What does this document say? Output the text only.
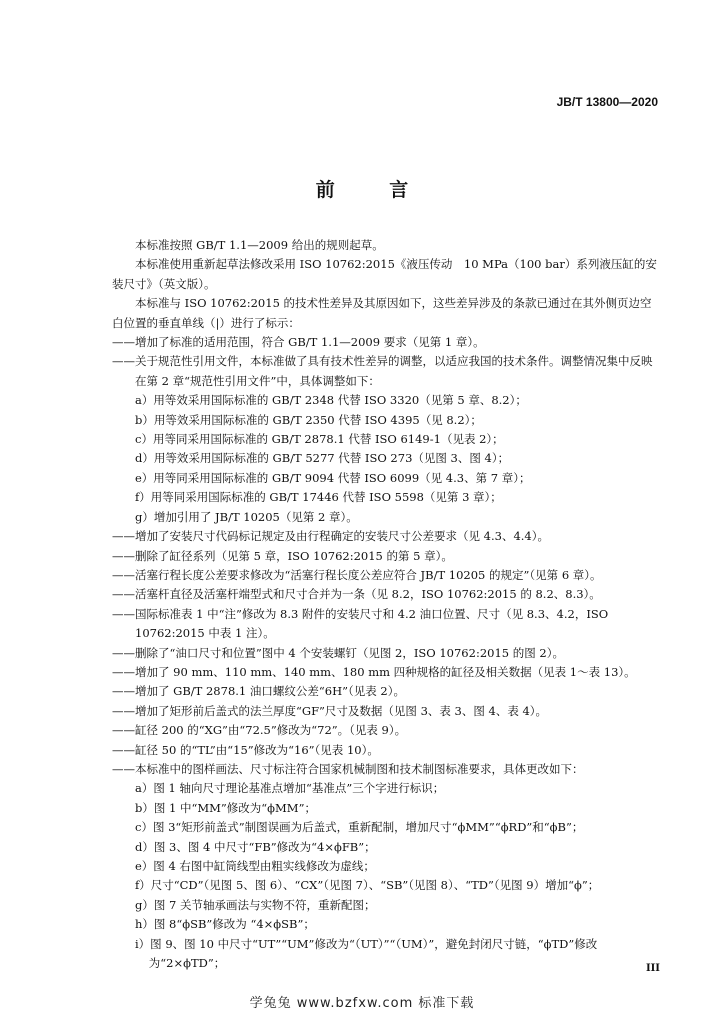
JB/T 13800—2020
前 言

本标准按照 GB/T 1.1—2009 给出的规则起草。

本标准使用重新起草法修改采用 ISO 10762:2015《液压传动　10 MPa（100 bar）系列液压缸的安装尺寸》（英文版）。

本标准与 ISO 10762:2015 的技术性差异及其原因如下，这些差异涉及的条款已通过在其外侧页边空白位置的垂直单线（|）进行了标示：

——增加了标准的适用范围，符合 GB/T 1.1—2009 要求（见第 1 章）。

——关于规范性引用文件，本标准做了具有技术性差异的调整，以适应我国的技术条件。调整情况集中反映在第 2 章“规范性引用文件”中，具体调整如下：

a）用等效采用国际标准的 GB/T 2348 代替 ISO 3320（见第 5 章、8.2）；

b）用等效采用国际标准的 GB/T 2350 代替 ISO 4395（见 8.2）；

c）用等同采用国际标准的 GB/T 2878.1 代替 ISO 6149-1（见表 2）；

d）用等效采用国际标准的 GB/T 5277 代替 ISO 273（见图 3、图 4）；

e）用等同采用国际标准的 GB/T 9094 代替 ISO 6099（见 4.3、第 7 章）；

f）用等同采用国际标准的 GB/T 17446 代替 ISO 5598（见第 3 章）；

g）增加引用了 JB/T 10205（见第 2 章）。

——增加了安装尺寸代码标记规定及由行程确定的安装尺寸公差要求（见 4.3、4.4）。

——删除了缸径系列（见第 5 章，ISO 10762:2015 的第 5 章）。

——活塞行程长度公差要求修改为“活塞行程长度公差应符合 JB/T 10205 的规定”（见第 6 章）。

——活塞杆直径及活塞杆端型式和尺寸合并为一条（见 8.2，ISO 10762:2015 的 8.2、8.3）。

——国际标准表 1 中“注”修改为 8.3 附件的安装尺寸和 4.2 油口位置、尺寸（见 8.3、4.2，ISO 10762:2015 中表 1 注）。

——删除了“油口尺寸和位置”图中 4 个安装螺钉（见图 2，ISO 10762:2015 的图 2）。

——增加了 90 mm、110 mm、140 mm、180 mm 四种规格的缸径及相关数据（见表 1～表 13）。

——增加了 GB/T 2878.1 油口螺纹公差“6H”（见表 2）。

——增加了矩形前后盖式的法兰厚度“GF”尺寸及数据（见图 3、表 3、图 4、表 4）。

——缸径 200 的“XG”由“72.5”修改为“72”。（见表 9）。

——缸径 50 的“TL”由“15”修改为“16”（见表 10）。

——本标准中的图样画法、尺寸标注符合国家机械制图和技术制图标准要求，具体更改如下：

a）图 1 轴向尺寸理论基准点增加“基准点”三个字进行标识；

b）图 1 中“MM”修改为“ϕMM”；

c）图 3“矩形前盖式”制图误画为后盖式，重新配制，增加尺寸“ϕMM”“ϕRD”和“ϕB”；

d）图 3、图 4 中尺寸“FB”修改为“4×ϕFB”；

e）图 4 右图中缸筒线型由粗实线修改为虚线；

f）尺寸“CD”（见图 5、图 6）、“CX”（见图 7）、“SB”（见图 8）、“TD”（见图 9）增加“ϕ”；

g）图 7 关节轴承画法与实物不符，重新配图；

h）图 8“ϕSB”修改为 “4×ϕSB”；

i）图 9、图 10 中尺寸“UT”“UM”修改为“（UT）”“（UM）”，避免封闭尺寸链，“ϕTD”修改为“2×ϕTD”；	III
学兔兔 www.bzfxw.com 标准下载
